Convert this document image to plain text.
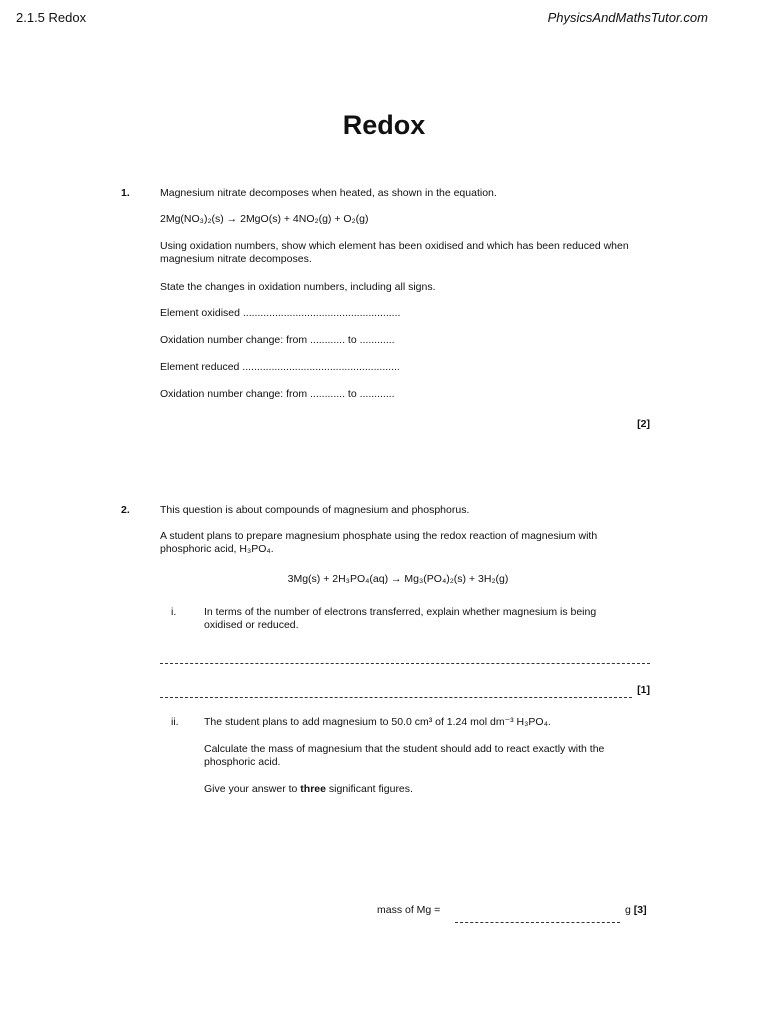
2.1.5 Redox	PhysicsAndMathsTutor.com
Redox
1.	Magnesium nitrate decomposes when heated, as shown in the equation.
2Mg(NO₃)₂(s) → 2MgO(s) + 4NO₂(g) + O₂(g)
Using oxidation numbers, show which element has been oxidised and which has been reduced when magnesium nitrate decomposes.
State the changes in oxidation numbers, including all signs.
Element oxidised ......................................................
Oxidation number change: from ............ to ............
Element reduced ......................................................
Oxidation number change: from ............ to ............
[2]
2.	This question is about compounds of magnesium and phosphorus.
A student plans to prepare magnesium phosphate using the redox reaction of magnesium with phosphoric acid, H₃PO₄.
3Mg(s) + 2H₃PO₄(aq) → Mg₃(PO₄)₂(s) + 3H₂(g)
i.	In terms of the number of electrons transferred, explain whether magnesium is being oxidised or reduced.
[1]
ii. The student plans to add magnesium to 50.0 cm³ of 1.24 mol dm⁻³ H₃PO₄.
Calculate the mass of magnesium that the student should add to react exactly with the phosphoric acid.
Give your answer to three significant figures.
mass of Mg =	g [3]
